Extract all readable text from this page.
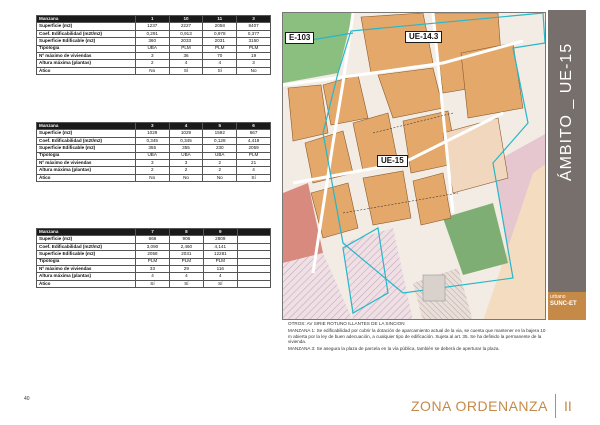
Manzana	1	10	11	3
Superficie (m2)	1237	2227	2058	8407
Coef. Edificabilidad (m2t/m2)	0,291	0,913	0,978	0,377
Superficie Edificable (m2)	360	2033	2031	3150
Tipología	UBA	PLM	PLM	PLM
Nº máximo de viviendas	3	36	70	19
Altura máxima (plantas)	2	4	4	3
Ático	No	Sí	Sí	No
Manzana	3	4	5	6
Superficie (m2)	1029	1029	1592	667
Coef. Edificabilidad (m2t/m2)	0,345	0,345	0,128	4,419
Superficie Edificable (m2)	355	355	230	2059
Tipología	UBA	UBA	UBA	PLM
Nº máximo de viviendas	3	3	2	21
Altura máxima (plantas)	2	2	2	4
Ático	No	No	No	Sí
Manzana	7	8	9	
Superficie (m2)	666	906	2809	
Coef. Edificabilidad (m2t/m2)	3,090	2,460	4,141	
Superficie Edificable (m2)	2058	2031	12281	
Tipología	PLM	PLM	PLM	
Nº máximo de viviendas	33	29	116	
Altura máxima (plantas)	4	4	4	
Ático	Sí	Sí	Sí	
E-103	UE-14.3
UE-15	ÁMBITO _ UE-15
urbano
SUNC-ET

OTROS: AV SIRIE ROTUNO ILLANTES DE LA SINCION

MANZANA 1: Se edificabilidad por cubrir la dotación de aparcamiento actual de la via, se cuenta que mantener en la bajera 10 m abierta por la ley de buen adecuación, a cualquier tipo de edificación. Sujeta al art. 35. Se ha definido la permanente de la vivienda.

MANZANA 3: Se asegura la plaza de parcela en la vía pública, también se deberá de aperturar la plaza.

40	ZONA ORDENANZA II
